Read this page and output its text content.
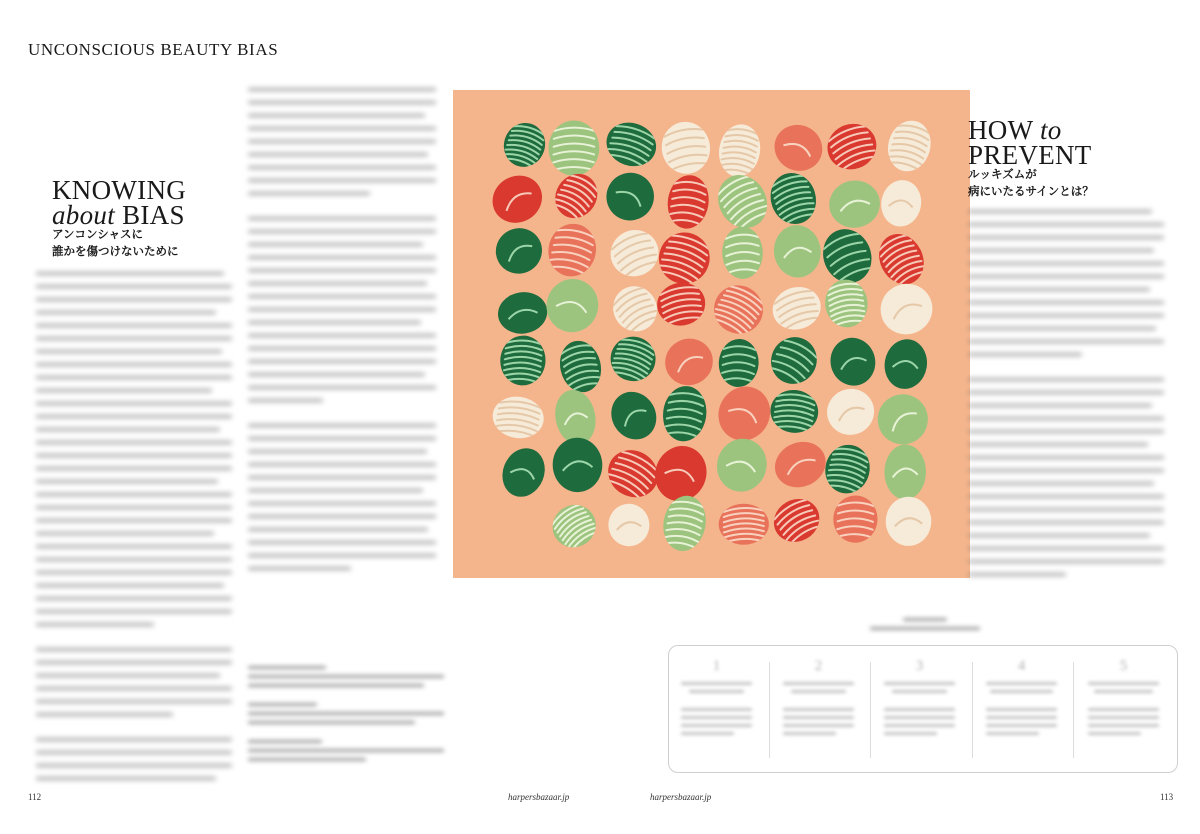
UNCONSCIOUS BEAUTY BIAS
KNOWING
about BIAS
アンコンシャスに
誰かを傷つけないために
HOW to
PREVENT
ルッキズムが
病にいたるサインとは？
1	2	3	4	5
112	harpersbazaar.jp	harpersbazaar.jp	113
